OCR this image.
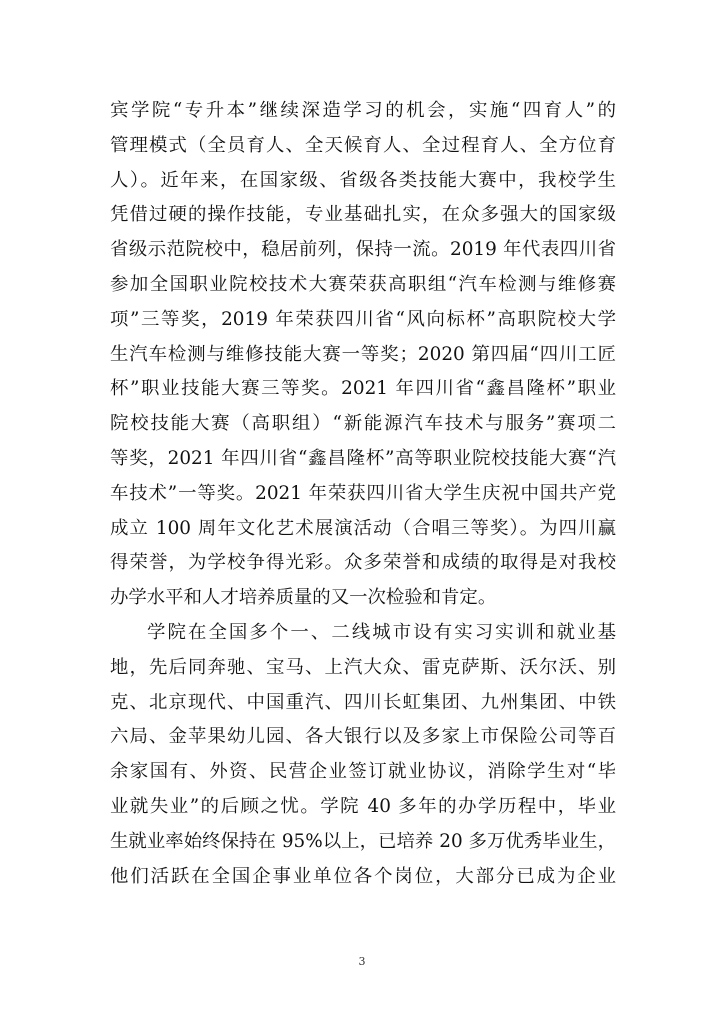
宾学院“专升本”继续深造学习的机会，实施“四育人”的
管理模式（全员育人、全天候育人、全过程育人、全方位育
人）。近年来，在国家级、省级各类技能大赛中，我校学生
凭借过硬的操作技能，专业基础扎实，在众多强大的国家级
省级示范院校中，稳居前列，保持一流。2019 年代表四川省
参加全国职业院校技术大赛荣获高职组“汽车检测与维修赛
项”三等奖，2019 年荣获四川省“风向标杯”高职院校大学
生汽车检测与维修技能大赛一等奖；2020 第四届“四川工匠
杯”职业技能大赛三等奖。2021 年四川省“鑫昌隆杯”职业
院校技能大赛（高职组）“新能源汽车技术与服务”赛项二
等奖，2021 年四川省“鑫昌隆杯”高等职业院校技能大赛“汽
车技术”一等奖。2021 年荣获四川省大学生庆祝中国共产党
成立 100 周年文化艺术展演活动（合唱三等奖）。为四川赢
得荣誉，为学校争得光彩。众多荣誉和成绩的取得是对我校
办学水平和人才培养质量的又一次检验和肯定。
学院在全国多个一、二线城市设有实习实训和就业基
地，先后同奔驰、宝马、上汽大众、雷克萨斯、沃尔沃、别
克、北京现代、中国重汽、四川长虹集团、九州集团、中铁
六局、金苹果幼儿园、各大银行以及多家上市保险公司等百
余家国有、外资、民营企业签订就业协议，消除学生对“毕
业就失业”的后顾之忧。学院 40 多年的办学历程中，毕业
生就业率始终保持在 95%以上，已培养 20 多万优秀毕业生，
他们活跃在全国企事业单位各个岗位，大部分已成为企业
3
